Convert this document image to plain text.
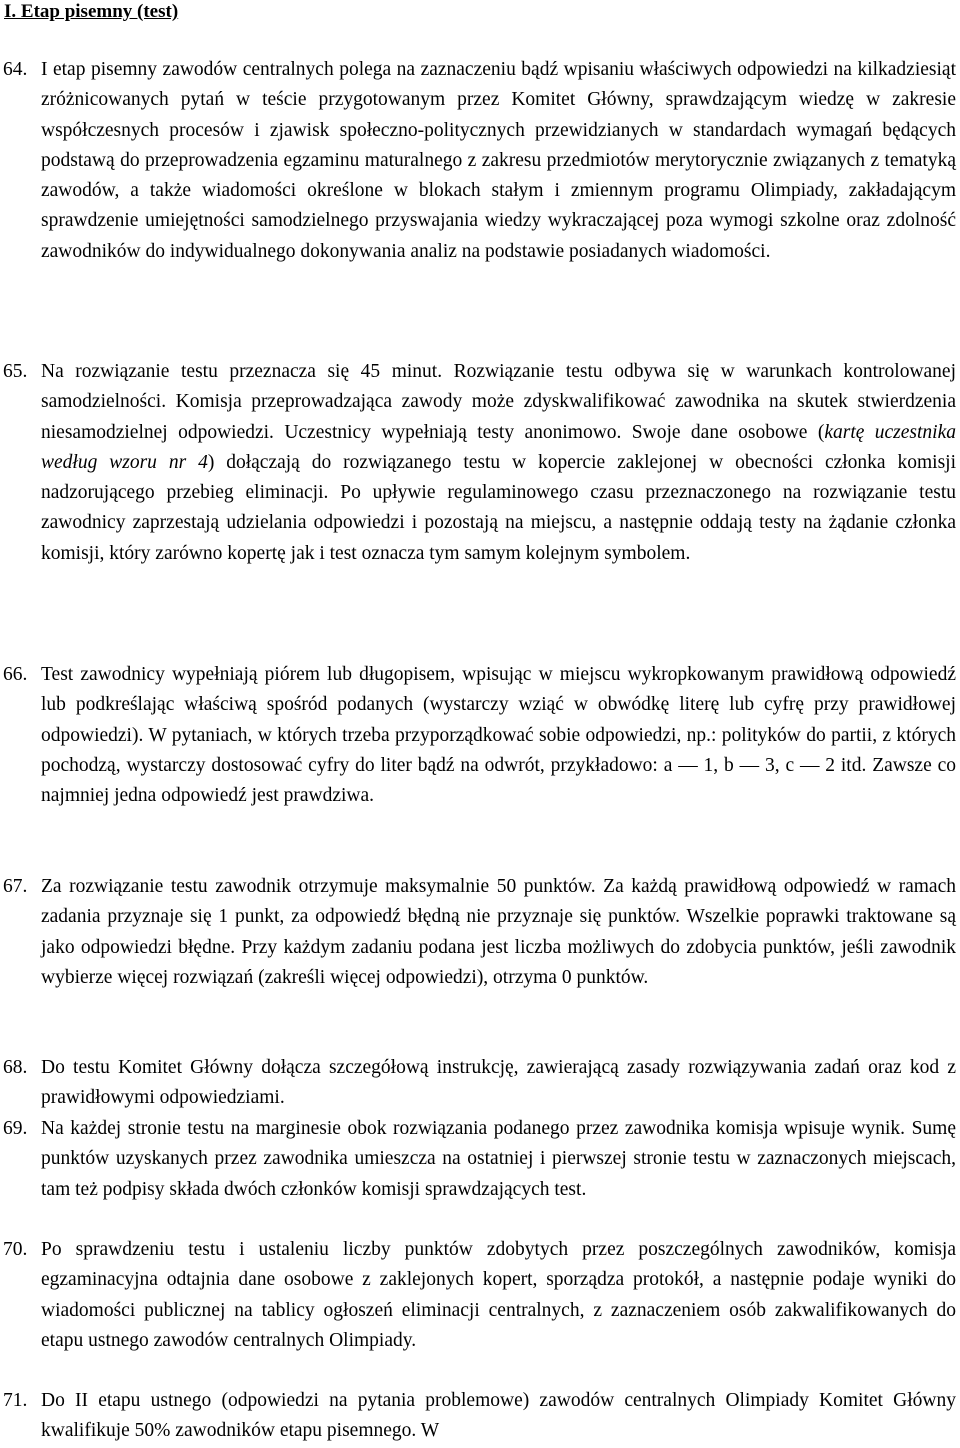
I. Etap pisemny (test)
64. I etap pisemny zawodów centralnych polega na zaznaczeniu bądź wpisaniu właściwych odpowiedzi na kilkadziesiąt zróżnicowanych pytań w teście przygotowanym przez Komitet Główny, sprawdzającym wiedzę w zakresie współczesnych procesów i zjawisk społeczno-politycznych przewidzianych w standardach wymagań będących podstawą do przeprowadzenia egzaminu maturalnego z zakresu przedmiotów merytorycznie związanych z tematyką zawodów, a także wiadomości określone w blokach stałym i zmiennym programu Olimpiady, zakładającym sprawdzenie umiejętności samodzielnego przyswajania wiedzy wykraczającej poza wymogi szkolne oraz zdolność zawodników do indywidualnego dokonywania analiz na podstawie posiadanych wiadomości.
65. Na rozwiązanie testu przeznacza się 45 minut. Rozwiązanie testu odbywa się w warunkach kontrolowanej samodzielności. Komisja przeprowadzająca zawody może zdyskwalifikować zawodnika na skutek stwierdzenia niesamodzielnej odpowiedzi. Uczestnicy wypełniają testy anonimowo. Swoje dane osobowe (kartę uczestnika według wzoru nr 4) dołączają do rozwiązanego testu w kopercie zaklejonej w obecności członka komisji nadzorującego przebieg eliminacji. Po upływie regulaminowego czasu przeznaczonego na rozwiązanie testu zawodnicy zaprzestają udzielania odpowiedzi i pozostają na miejscu, a następnie oddają testy na żądanie członka komisji, który zarówno kopertę jak i test oznacza tym samym kolejnym symbolem.
66. Test zawodnicy wypełniają piórem lub długopisem, wpisując w miejscu wykropkowanym prawidłową odpowiedź lub podkreślając właściwą spośród podanych (wystarczy wziąć w obwódkę literę lub cyfrę przy prawidłowej odpowiedzi). W pytaniach, w których trzeba przyporządkować sobie odpowiedzi, np.: polityków do partii, z których pochodzą, wystarczy dostosować cyfry do liter bądź na odwrót, przykładowo: a — 1, b — 3, c — 2 itd. Zawsze co najmniej jedna odpowiedź jest prawdziwa.
67. Za rozwiązanie testu zawodnik otrzymuje maksymalnie 50 punktów. Za każdą prawidłową odpowiedź w ramach zadania przyznaje się 1 punkt, za odpowiedź błędną nie przyznaje się punktów. Wszelkie poprawki traktowane są jako odpowiedzi błędne. Przy każdym zadaniu podana jest liczba możliwych do zdobycia punktów, jeśli zawodnik wybierze więcej rozwiązań (zakreśli więcej odpowiedzi), otrzyma 0 punktów.
68. Do testu Komitet Główny dołącza szczegółową instrukcję, zawierającą zasady rozwiązywania zadań oraz kod z prawidłowymi odpowiedziami.
69. Na każdej stronie testu na marginesie obok rozwiązania podanego przez zawodnika komisja wpisuje wynik. Sumę punktów uzyskanych przez zawodnika umieszcza na ostatniej i pierwszej stronie testu w zaznaczonych miejscach, tam też podpisy składa dwóch członków komisji sprawdzających test.
70. Po sprawdzeniu testu i ustaleniu liczby punktów zdobytych przez poszczególnych zawodników, komisja egzaminacyjna odtajnia dane osobowe z zaklejonych kopert, sporządza protokół, a następnie podaje wyniki do wiadomości publicznej na tablicy ogłoszeń eliminacji centralnych, z zaznaczeniem osób zakwalifikowanych do etapu ustnego zawodów centralnych Olimpiady.
71. Do II etapu ustnego (odpowiedzi na pytania problemowe) zawodów centralnych Olimpiady Komitet Główny kwalifikuje 50% zawodników etapu pisemnego. W
